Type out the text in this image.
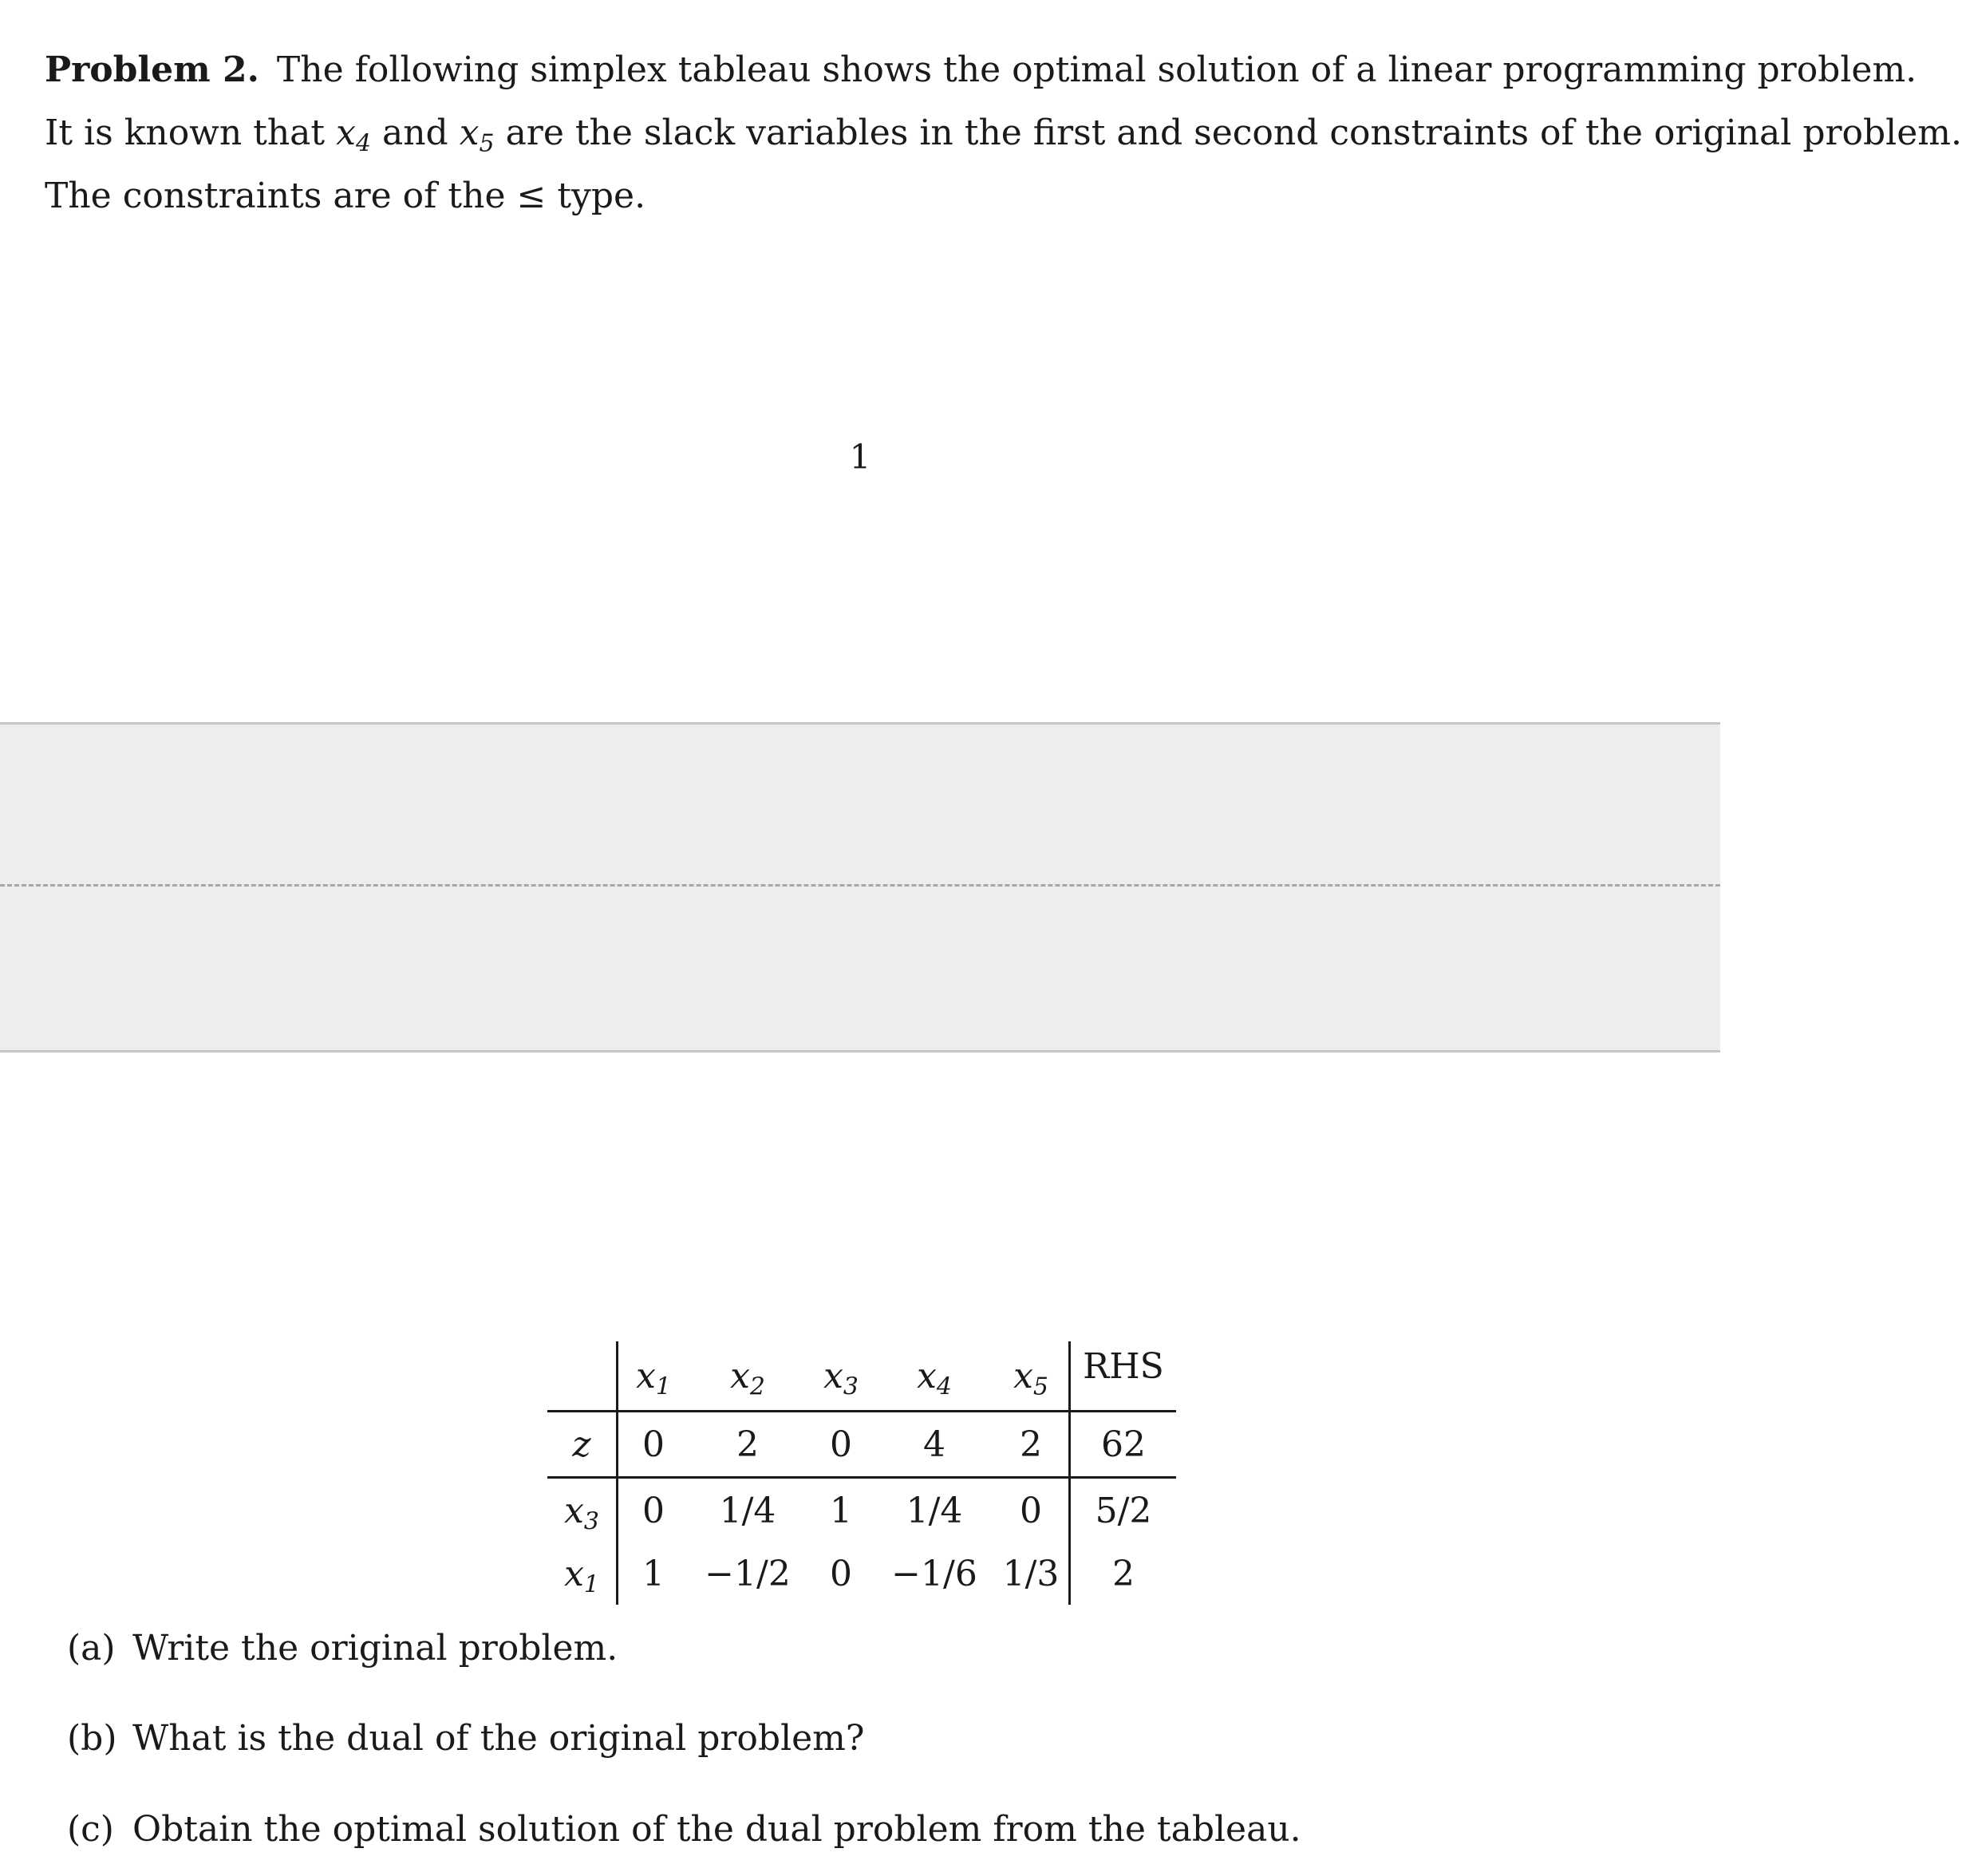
Problem 2. The following simplex tableau shows the optimal solution of a linear programming problem.

It is known that $x_4$ and $x_5$ are the slack variables in the first and second constraints of the original problem.

The constraints are of the ≤ type.

1
	$x_1$	$x_2$	$x_3$	$x_4$	$x_5$	RHS
z	0	2	0	4	2	62
$x_3$	0	1/4	1	1/4	0	5/2
$x_1$	1	−1/2	0	−1/6	1/3	2
(a) Write the original problem.
(b) What is the dual of the original problem?
(c) Obtain the optimal solution of the dual problem from the tableau.
